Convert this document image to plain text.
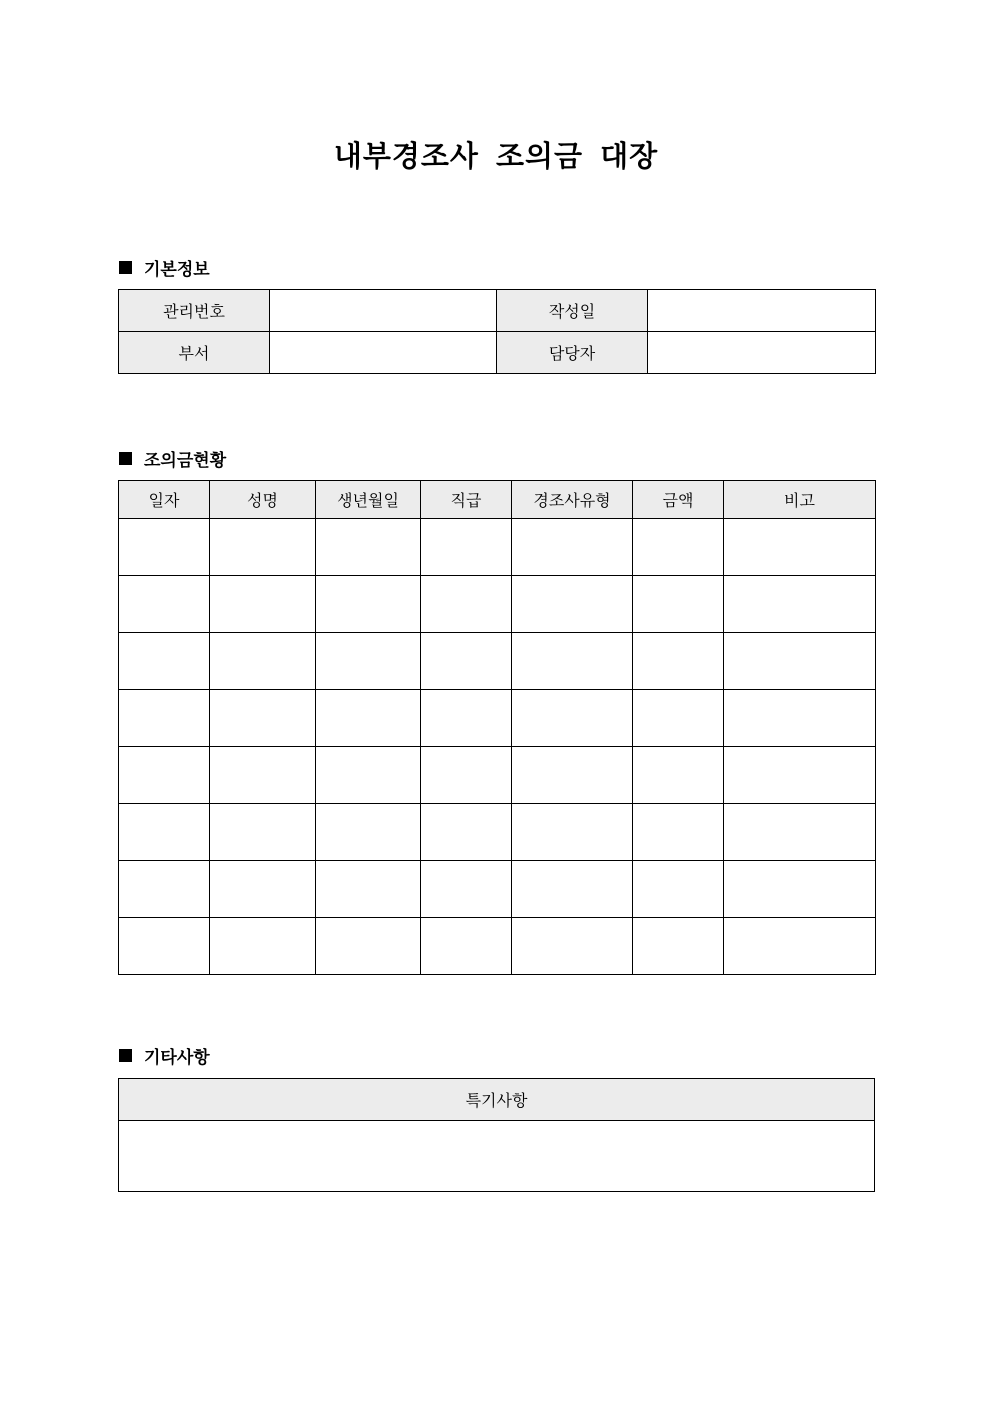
내부경조사 조의금 대장
기본정보
관리번호		작성일	
부서		담당자	
조의금현황
일자	성명	생년월일	직급	경조사유형	금액	비고

기타사항
특기사항
